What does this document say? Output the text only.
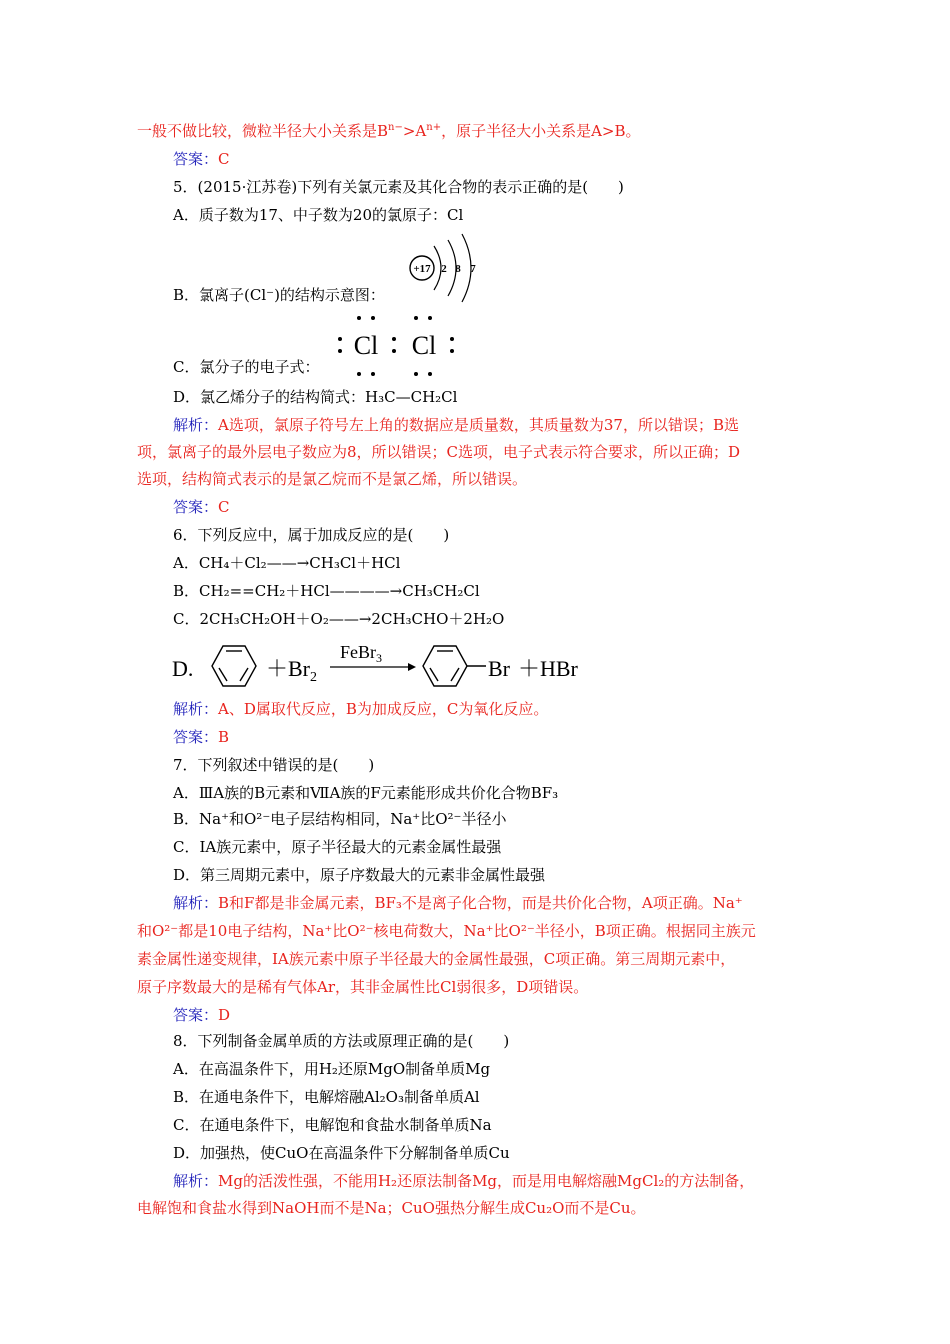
一般不做比较，微粒半径大小关系是$B^{n-}>A^{n+}$，原子半径大小关系是A>B。
答案：C
5．(2015·江苏卷)下列有关氯元素及其化合物的表示正确的是(　　)
A．质子数为17、中子数为20的氯原子：Cl
B．氯离子(Cl⁻)的结构示意图：
+17 2 8 7
C．氯分子的电子式：
Cl Cl
D．氯乙烯分子的结构简式：H₃C—CH₂Cl
解析：A选项，氯原子符号左上角的数据应是质量数，其质量数为37，所以错误；B选
项，氯离子的最外层电子数应为8，所以错误；C选项，电子式表示符合要求，所以正确；D
选项，结构简式表示的是氯乙烷而不是氯乙烯，所以错误。
答案：C
6．下列反应中，属于加成反应的是(　　)
A．CH₄＋Cl₂——→CH₃Cl＋HCl
B．CH₂==CH₂＋HCl————→CH₃CH₂Cl
C．2CH₃CH₂OH＋O₂——→2CH₃CHO＋2H₂O
D.	$+Br_2$
FeBr$_3$	Br ＋HBr
解析：A、D属取代反应，B为加成反应，C为氧化反应。
答案：B
7．下列叙述中错误的是(　　)
A．ⅢA族的B元素和ⅦA族的F元素能形成共价化合物BF₃
B．Na⁺和O²⁻电子层结构相同，Na⁺比O²⁻半径小
C．ⅠA族元素中，原子半径最大的元素金属性最强
D．第三周期元素中，原子序数最大的元素非金属性最强
解析：B和F都是非金属元素，BF₃不是离子化合物，而是共价化合物，A项正确。Na⁺
和O²⁻都是10电子结构，Na⁺比O²⁻核电荷数大，Na⁺比O²⁻半径小，B项正确。根据同主族元
素金属性递变规律，ⅠA族元素中原子半径最大的金属性最强，C项正确。第三周期元素中，
原子序数最大的是稀有气体Ar，其非金属性比Cl弱很多，D项错误。
答案：D
8．下列制备金属单质的方法或原理正确的是(　　)
A．在高温条件下，用H₂还原MgO制备单质Mg
B．在通电条件下，电解熔融Al₂O₃制备单质Al
C．在通电条件下，电解饱和食盐水制备单质Na
D．加强热，使CuO在高温条件下分解制备单质Cu
解析：Mg的活泼性强，不能用H₂还原法制备Mg，而是用电解熔融MgCl₂的方法制备，
电解饱和食盐水得到NaOH而不是Na；CuO强热分解生成Cu₂O而不是Cu。
